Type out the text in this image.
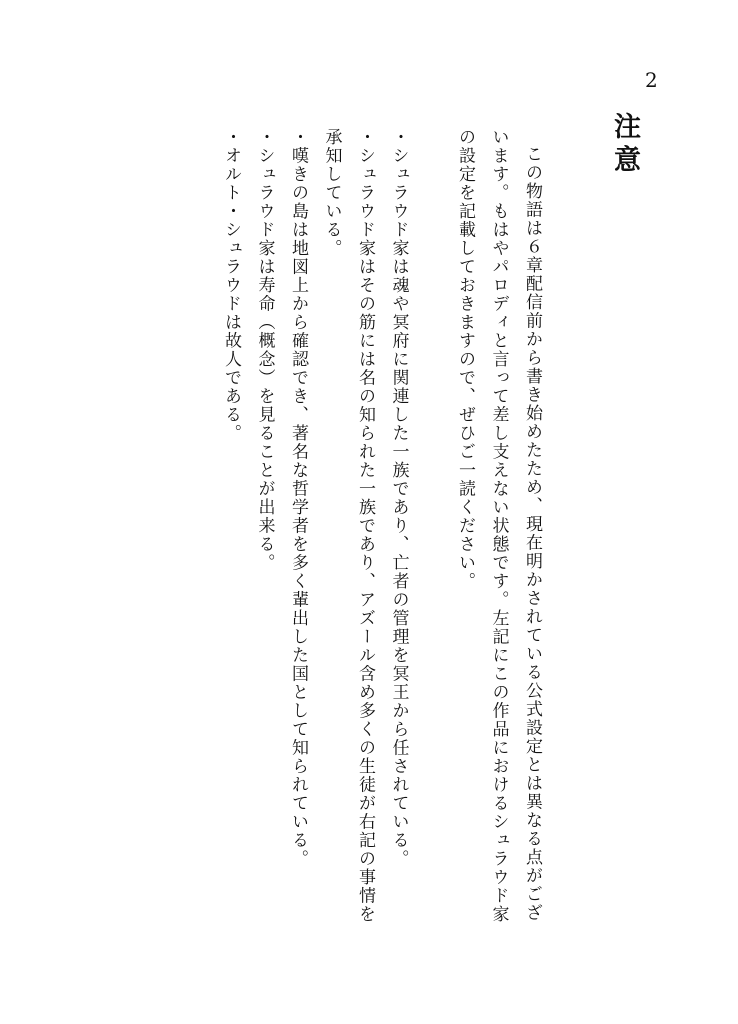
2
注意
この物語は６章配信前から書き始めたため、現在明かされている公式設定とは異なる点がございます。もはやパロディと言って差し支えない状態です。左記にこの作品におけるシュラウド家の設定を記載しておきますので、ぜひご一読ください。
・シュラウド家は魂や冥府に関連した一族であり、亡者の管理を冥王から任されている。
・シュラウド家はその筋には名の知られた一族であり、アズール含め多くの生徒が右記の事情を承知している。
・嘆きの島は地図上から確認でき、著名な哲学者を多く輩出した国として知られている。
・シュラウド家は寿命（概念）を見ることが出来る。
・オルト・シュラウドは故人である。
